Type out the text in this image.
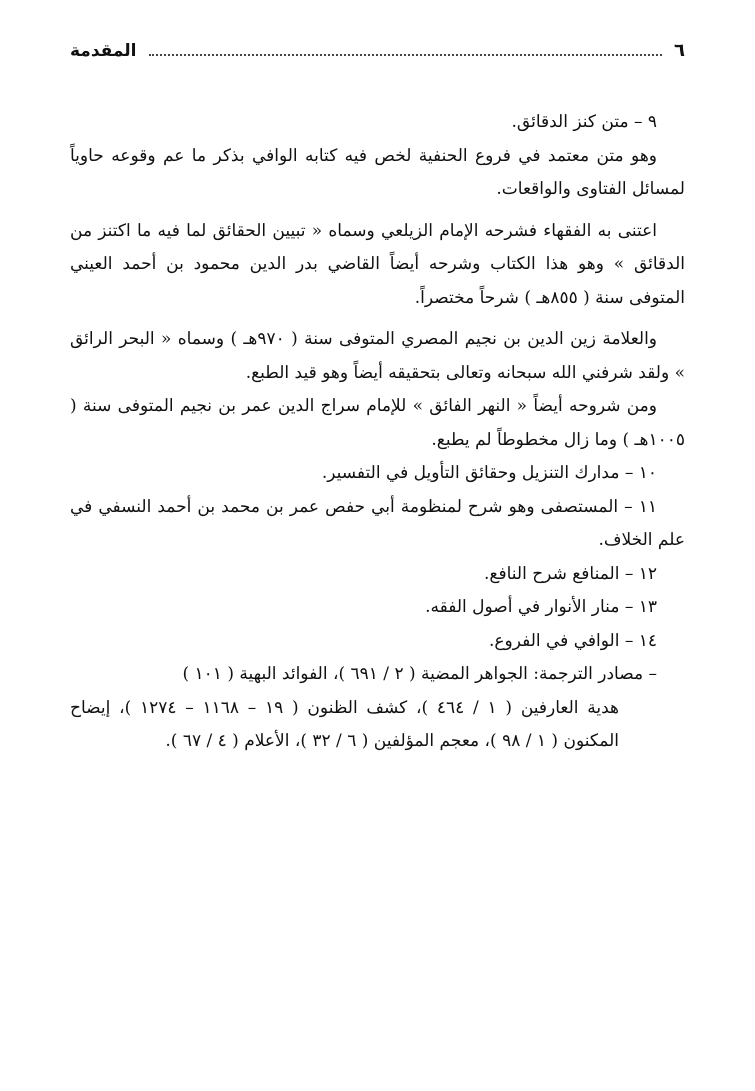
٦
المقدمة

٩ – متن كنز الدقائق.

وهو متن معتمد في فروع الحنفية لخص فيه كتابه الوافي بذكر ما عم وقوعه حاوياً لمسائل الفتاوى والواقعات.

اعتنى به الفقهاء فشرحه الإمام الزيلعي وسماه « تبيين الحقائق لما فيه ما اكتنز من الدقائق » وهو هذا الكتاب وشرحه أيضاً القاضي بدر الدين محمود بن أحمد العيني المتوفى سنة ( ٨٥٥هـ ) شرحاً مختصراً.

والعلامة زين الدين بن نجيم المصري المتوفى سنة ( ٩٧٠هـ ) وسماه « البحر الرائق » ولقد شرفني الله سبحانه وتعالى بتحقيقه أيضاً وهو قيد الطبع.

ومن شروحه أيضاً « النهر الفائق » للإمام سراج الدين عمر بن نجيم المتوفى سنة ( ١٠٠٥هـ ) وما زال مخطوطاً لم يطبع.

١٠ – مدارك التنزيل وحقائق التأويل في التفسير.

١١ – المستصفى وهو شرح لمنظومة أبي حفص عمر بن محمد بن أحمد النسفي في علم الخلاف.

١٢ – المنافع شرح النافع.

١٣ – منار الأنوار في أصول الفقه.

١٤ – الوافي في الفروع.

– مصادر الترجمة: الجواهر المضية ( ٢ / ٦٩١ )، الفوائد البهية ( ١٠١ )
هدية العارفين ( ١ / ٤٦٤ )، كشف الظنون ( ١٩ – ١١٦٨ – ١٢٧٤ )، إيضاح المكنون ( ١ / ٩٨ )، معجم المؤلفين ( ٦ / ٣٢ )، الأعلام ( ٤ / ٦٧ ).
